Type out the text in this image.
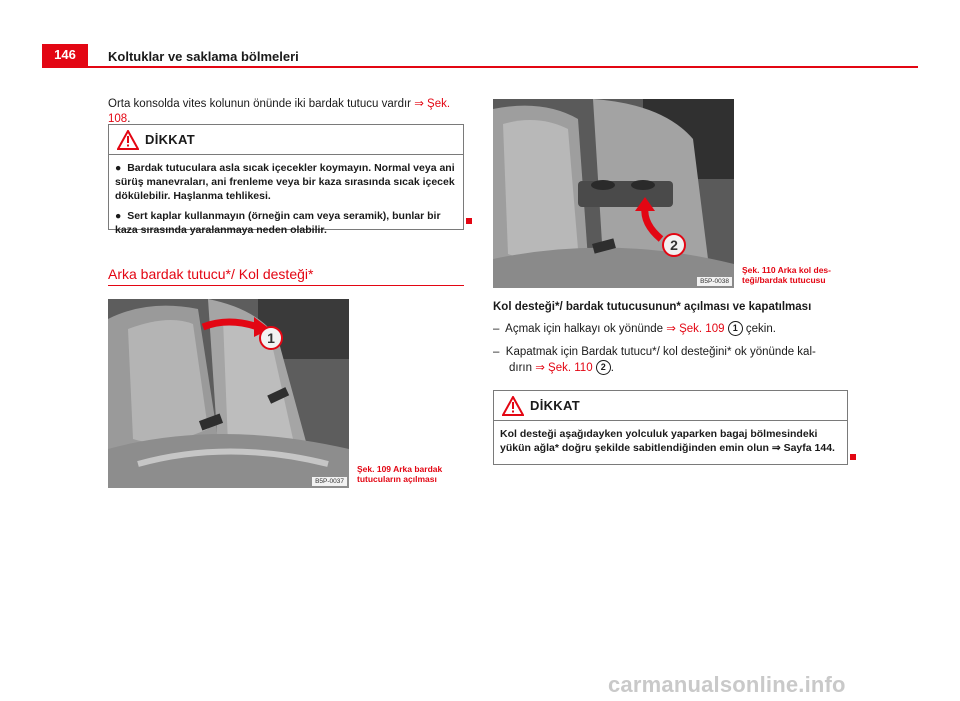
146	Koltuklar ve saklama bölmeleri
Orta konsolda vites kolunun önünde iki bardak tutucu vardır ⇒ Şek. 108.
DİKKAT

● Bardak tutuculara asla sıcak içecekler koymayın. Normal veya ani sürüş manevraları, ani frenleme veya bir kaza sırasında sıcak içecek dökülebilir. Haşlanma tehlikesi.

● Sert kaplar kullanmayın (örneğin cam veya seramik), bunlar bir kaza sırasında yaralanmaya neden olabilir.

Arka bardak tutucu*/ Kol desteği*
1
B5P-0037
Şek. 109 Arka bardak
tutucuların açılması
2
B5P-0038
Şek. 110 Arka kol des-
teği/bardak tutucusu
Kol desteği*/ bardak tutucusunun* açılması ve kapatılması
– Açmak için halkayı ok yönünde ⇒ Şek. 109 1 çekin.
– Kapatmak için Bardak tutucu*/ kol desteğini* ok yönünde kal-
dırın ⇒ Şek. 110 2 .
DİKKAT
Kol desteği aşağıdayken yolculuk yaparken bagaj bölmesindeki yükün ağla* doğru şekilde sabitlendiğinden emin olun ⇒ Sayfa 144.
carmanualsonline.info
